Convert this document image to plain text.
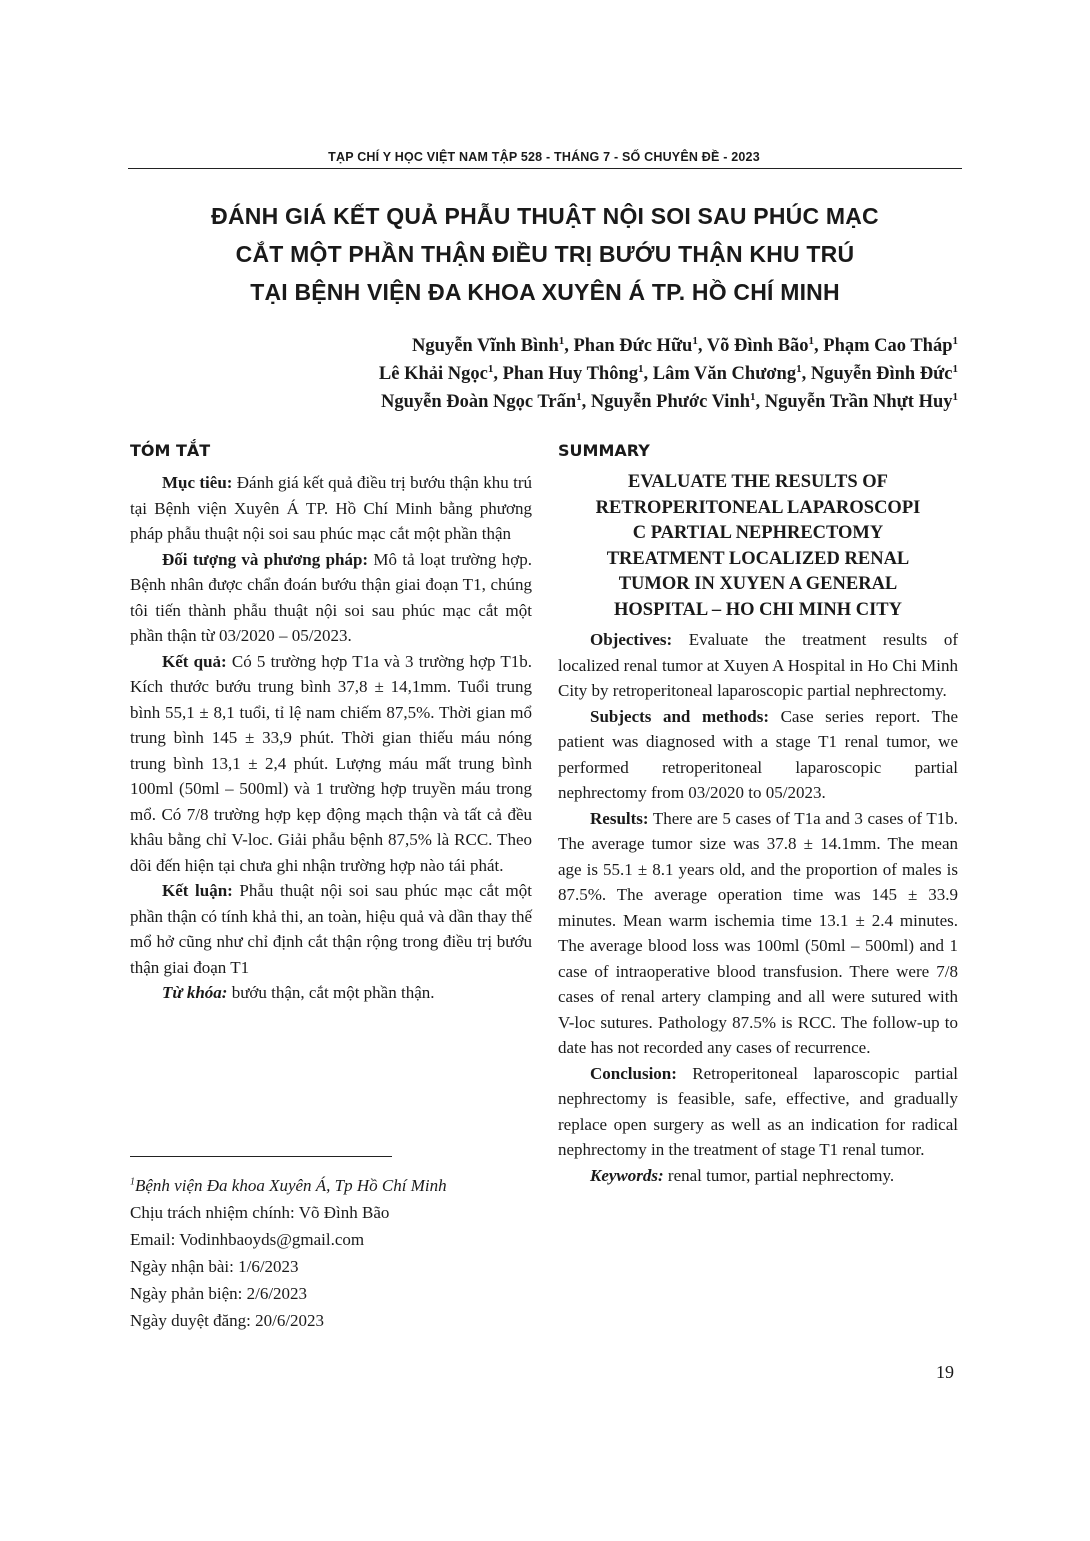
TẠP CHÍ Y HỌC VIỆT NAM TẬP 528 - THÁNG 7 - SỐ CHUYÊN ĐỀ - 2023
ĐÁNH GIÁ KẾT QUẢ PHẪU THUẬT NỘI SOI SAU PHÚC MẠC
CẮT MỘT PHẦN THẬN ĐIỀU TRỊ BƯỚU THẬN KHU TRÚ
TẠI BỆNH VIỆN ĐA KHOA XUYÊN Á TP. HỒ CHÍ MINH
Nguyễn Vĩnh Bình$^1$, Phan Đức Hữu$^1$, Võ Đình Bão$^1$, Phạm Cao Tháp$^1$
Lê Khải Ngọc$^1$, Phan Huy Thông$^1$, Lâm Văn Chương$^1$, Nguyễn Đình Đức$^1$
Nguyễn Đoàn Ngọc Trấn$^1$, Nguyễn Phước Vinh$^1$, Nguyễn Trần Nhựt Huy$^1$
TÓM TẮT

Mục tiêu: Đánh giá kết quả điều trị bướu thận khu trú tại Bệnh viện Xuyên Á TP. Hồ Chí Minh bằng phương pháp phẫu thuật nội soi sau phúc mạc cắt một phần thận

Đối tượng và phương pháp: Mô tả loạt trường hợp. Bệnh nhân được chẩn đoán bướu thận giai đoạn T1, chúng tôi tiến thành phẫu thuật nội soi sau phúc mạc cắt một phần thận từ 03/2020 – 05/2023.

Kết quả: Có 5 trường hợp T1a và 3 trường hợp T1b. Kích thước bướu trung bình 37,8 ± 14,1mm. Tuổi trung bình 55,1 ± 8,1 tuổi, tỉ lệ nam chiếm 87,5%. Thời gian mổ trung bình 145 ± 33,9 phút. Thời gian thiếu máu nóng trung bình 13,1 ± 2,4 phút. Lượng máu mất trung bình 100ml (50ml – 500ml) và 1 trường hợp truyền máu trong mổ. Có 7/8 trường hợp kẹp động mạch thận và tất cả đều khâu bằng chỉ V-loc. Giải phẫu bệnh 87,5% là RCC. Theo dõi đến hiện tại chưa ghi nhận trường hợp nào tái phát.

Kết luận: Phẫu thuật nội soi sau phúc mạc cắt một phần thận có tính khả thi, an toàn, hiệu quả và dần thay thế mổ hở cũng như chỉ định cắt thận rộng trong điều trị bướu thận giai đoạn T1

Từ khóa: bướu thận, cắt một phần thận.

$^1$Bệnh viện Đa khoa Xuyên Á, Tp Hồ Chí Minh
Chịu trách nhiệm chính: Võ Đình Bão
Email: Vodinhbaoyds@gmail.com
Ngày nhận bài: 1/6/2023
Ngày phản biện: 2/6/2023
Ngày duyệt đăng: 20/6/2023
SUMMARY
EVALUATE THE RESULTS OF
RETROPERITONEAL LAPAROSCOPI
C PARTIAL NEPHRECTOMY
TREATMENT LOCALIZED RENAL
TUMOR IN XUYEN A GENERAL
HOSPITAL – HO CHI MINH CITY

Objectives: Evaluate the treatment results of localized renal tumor at Xuyen A Hospital in Ho Chi Minh City by retroperitoneal laparoscopic partial nephrectomy.

Subjects and methods: Case series report. The patient was diagnosed with a stage T1 renal tumor, we performed retroperitoneal laparoscopic partial nephrectomy from 03/2020 to 05/2023.

Results: There are 5 cases of T1a and 3 cases of T1b. The average tumor size was 37.8 ± 14.1mm. The mean age is 55.1 ± 8.1 years old, and the proportion of males is 87.5%. The average operation time was 145 ± 33.9 minutes. Mean warm ischemia time 13.1 ± 2.4 minutes. The average blood loss was 100ml (50ml – 500ml) and 1 case of intraoperative blood transfusion. There were 7/8 cases of renal artery clamping and all were sutured with V-loc sutures. Pathology 87.5% is RCC. The follow-up to date has not recorded any cases of recurrence.

Conclusion: Retroperitoneal laparoscopic partial nephrectomy is feasible, safe, effective, and gradually replace open surgery as well as an indication for radical nephrectomy in the treatment of stage T1 renal tumor.

Keywords: renal tumor, partial nephrectomy.

19
